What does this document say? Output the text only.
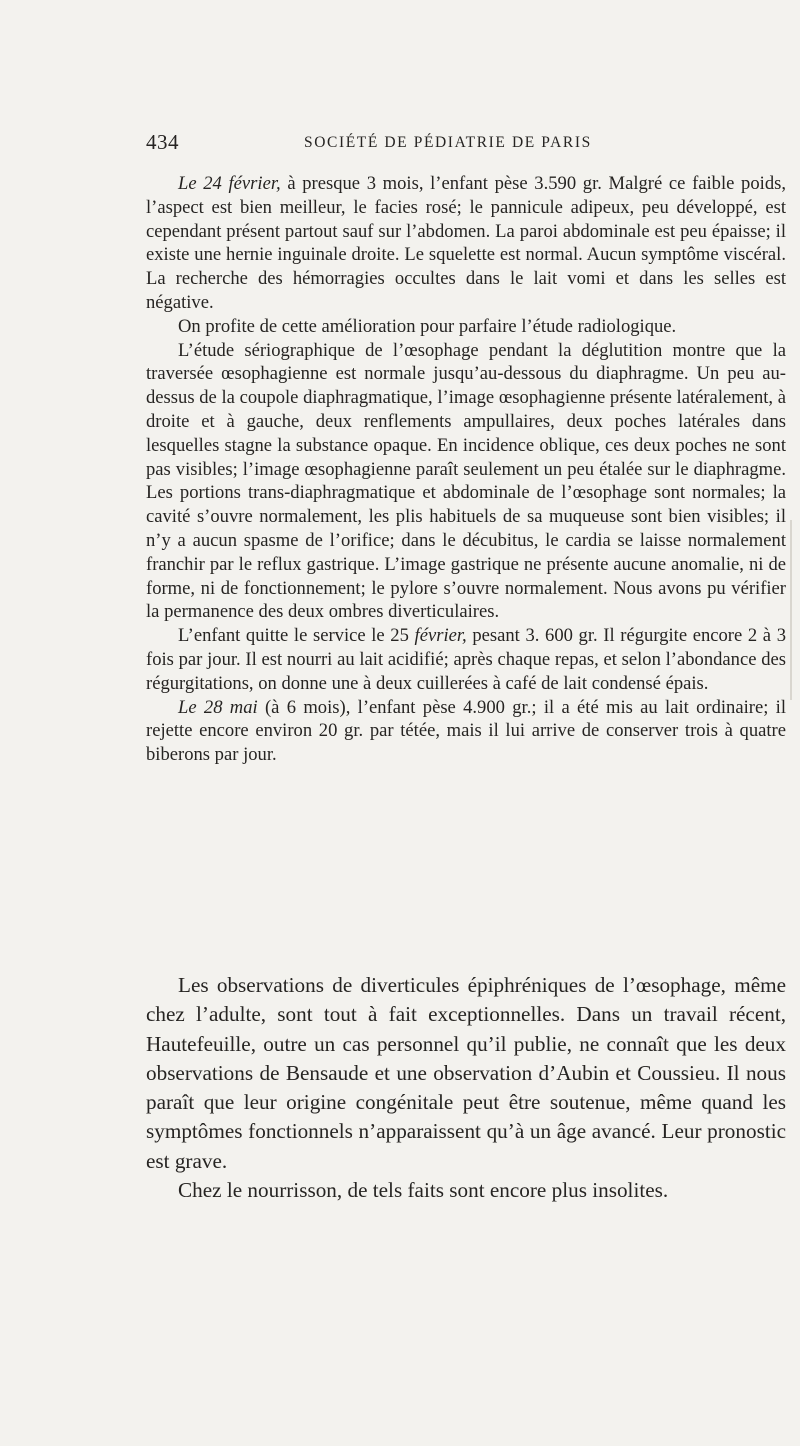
434	SOCIÉTÉ DE PÉDIATRIE DE PARIS

Le 24 février, à presque 3 mois, l’enfant pèse 3.590 gr. Malgré ce faible poids, l’aspect est bien meilleur, le facies rosé; le pannicule adipeux, peu développé, est cependant présent partout sauf sur l’abdomen. La paroi abdominale est peu épaisse; il existe une hernie inguinale droite. Le squelette est normal. Aucun symptôme viscéral. La recherche des hémorragies occultes dans le lait vomi et dans les selles est négative.

On profite de cette amélioration pour parfaire l’étude radiologique.

L’étude sériographique de l’œsophage pendant la déglutition montre que la traversée œsophagienne est normale jusqu’au-dessous du diaphragme. Un peu au-dessus de la coupole diaphragmatique, l’image œsophagienne présente latéralement, à droite et à gauche, deux renflements ampullaires, deux poches latérales dans lesquelles stagne la substance opaque. En incidence oblique, ces deux poches ne sont pas visibles; l’image œsophagienne paraît seulement un peu étalée sur le diaphragme. Les portions trans-diaphragmatique et abdominale de l’œsophage sont normales; la cavité s’ouvre normalement, les plis habituels de sa muqueuse sont bien visibles; il n’y a aucun spasme de l’orifice; dans le décubitus, le cardia se laisse normalement franchir par le reflux gastrique. L’image gastrique ne présente aucune anomalie, ni de forme, ni de fonctionnement; le pylore s’ouvre normalement. Nous avons pu vérifier la permanence des deux ombres diverticulaires.

L’enfant quitte le service le 25 février, pesant 3. 600 gr. Il régurgite encore 2 à 3 fois par jour. Il est nourri au lait acidifié; après chaque repas, et selon l’abondance des régurgitations, on donne une à deux cuillerées à café de lait condensé épais.

Le 28 mai (à 6 mois), l’enfant pèse 4.900 gr.; il a été mis au lait ordinaire; il rejette encore environ 20 gr. par tétée, mais il lui arrive de conserver trois à quatre biberons par jour.

Les observations de diverticules épiphréniques de l’œsophage, même chez l’adulte, sont tout à fait exceptionnelles. Dans un travail récent, Hautefeuille, outre un cas personnel qu’il publie, ne connaît que les deux observations de Bensaude et une observation d’Aubin et Coussieu. Il nous paraît que leur origine congénitale peut être soutenue, même quand les symptômes fonctionnels n’apparaissent qu’à un âge avancé. Leur pronostic est grave.

Chez le nourrisson, de tels faits sont encore plus insolites.
